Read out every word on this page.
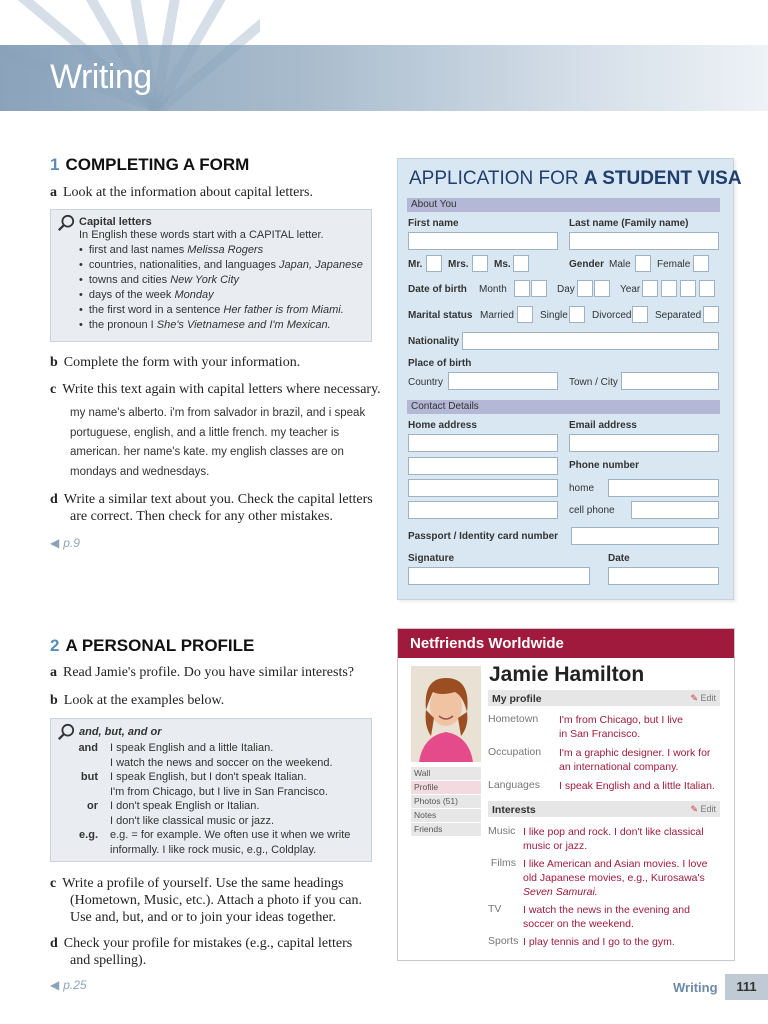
Writing
1 COMPLETING A FORM
a Look at the information about capital letters.
Capital letters
In English these words start with a CAPITAL letter.
• first and last names Melissa Rogers
• countries, nationalities, and languages Japan, Japanese
• towns and cities New York City
• days of the week Monday
• the first word in a sentence Her father is from Miami.
• the pronoun I She's Vietnamese and I'm Mexican.
b Complete the form with your information.
c Write this text again with capital letters where necessary.
my name's alberto. i'm from salvador in brazil, and i speak
portuguese, english, and a little french. my teacher is
american. her name's kate. my english classes are on
mondays and wednesdays.
d Write a similar text about you. Check the capital letters
are correct. Then check for any other mistakes.
◀ p.9
APPLICATION FOR A STUDENT VISA
About You
First name	Last name (Family name)
Mr.	Mrs.	Ms.	Gender Male	Female
Date of birth Month	Day	Year
Marital status Married	Single Divorced Separated
Nationality
Place of birth
Country	Town / City
Contact Details
Home address	Email address
Phone number
home
cell phone
Passport / Identity card number
Signature	Date
2 A PERSONAL PROFILE
a Read Jamie's profile. Do you have similar interests?
b Look at the examples below.
and, but, and or
and	I speak English and a little Italian.
I watch the news and soccer on the weekend.
but	I speak English, but I don't speak Italian.
I'm from Chicago, but I live in San Francisco.
or	I don't speak English or Italian.
I don't like classical music or jazz.
e.g.	e.g. = for example. We often use it when we write
informally. I like rock music, e.g., Coldplay.
c Write a profile of yourself. Use the same headings
(Hometown, Music, etc.). Attach a photo if you can.
Use and, but, and or to join your ideas together.
d Check your profile for mistakes (e.g., capital letters
and spelling).
◀ p.25
Netfriends Worldwide
Wall
Profile
Photos (51)
Notes
Friends
Jamie Hamilton
My profile	✎ Edit
Hometown I'm from Chicago, but I live
in San Francisco.
Occupation I'm a graphic designer. I work for
an international company.
Languages I speak English and a little Italian.
Interests	✎ Edit
Music I like pop and rock. I don't like classical
music or jazz.
Films I like American and Asian movies. I love
old Japanese movies, e.g., Kurosawa's
Seven Samurai.
TV I watch the news in the evening and
soccer on the weekend.
Sports I play tennis and I go to the gym.
Writing	111
